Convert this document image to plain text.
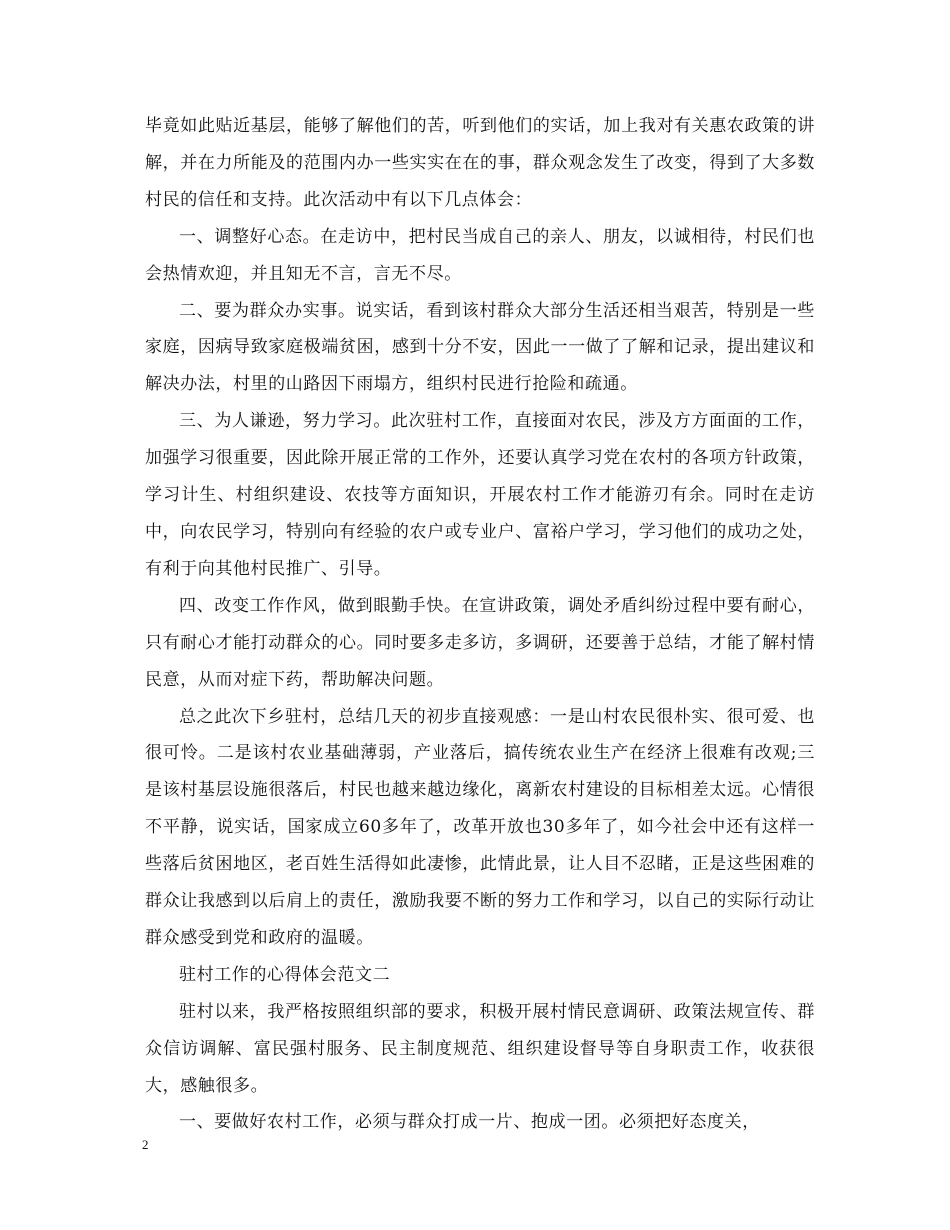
毕竟如此贴近基层，能够了解他们的苦，听到他们的实话，加上我对有关惠农政策的讲解，并在力所能及的范围内办一些实实在在的事，群众观念发生了改变，得到了大多数村民的信任和支持。此次活动中有以下几点体会：

一、调整好心态。在走访中，把村民当成自己的亲人、朋友，以诚相待，村民们也会热情欢迎，并且知无不言，言无不尽。

二、要为群众办实事。说实话，看到该村群众大部分生活还相当艰苦，特别是一些家庭，因病导致家庭极端贫困，感到十分不安，因此一一做了了解和记录，提出建议和解决办法，村里的山路因下雨塌方，组织村民进行抢险和疏通。

三、为人谦逊，努力学习。此次驻村工作，直接面对农民，涉及方方面面的工作，加强学习很重要，因此除开展正常的工作外，还要认真学习党在农村的各项方针政策，学习计生、村组织建设、农技等方面知识，开展农村工作才能游刃有余。同时在走访中，向农民学习，特别向有经验的农户或专业户、富裕户学习，学习他们的成功之处，有利于向其他村民推广、引导。

四、改变工作作风，做到眼勤手快。在宣讲政策，调处矛盾纠纷过程中要有耐心，只有耐心才能打动群众的心。同时要多走多访，多调研，还要善于总结，才能了解村情民意，从而对症下药，帮助解决问题。

总之此次下乡驻村，总结几天的初步直接观感：一是山村农民很朴实、很可爱、也很可怜。二是该村农业基础薄弱，产业落后，搞传统农业生产在经济上很难有改观;三是该村基层设施很落后，村民也越来越边缘化，离新农村建设的目标相差太远。心情很不平静，说实话，国家成立60多年了，改革开放也30多年了，如今社会中还有这样一些落后贫困地区，老百姓生活得如此凄惨，此情此景，让人目不忍睹，正是这些困难的群众让我感到以后肩上的责任，激励我要不断的努力工作和学习，以自己的实际行动让群众感受到党和政府的温暖。

驻村工作的心得体会范文二

驻村以来，我严格按照组织部的要求，积极开展村情民意调研、政策法规宣传、群众信访调解、富民强村服务、民主制度规范、组织建设督导等自身职责工作，收获很大，感触很多。

一、要做好农村工作，必须与群众打成一片、抱成一团。必须把好态度关，

2
